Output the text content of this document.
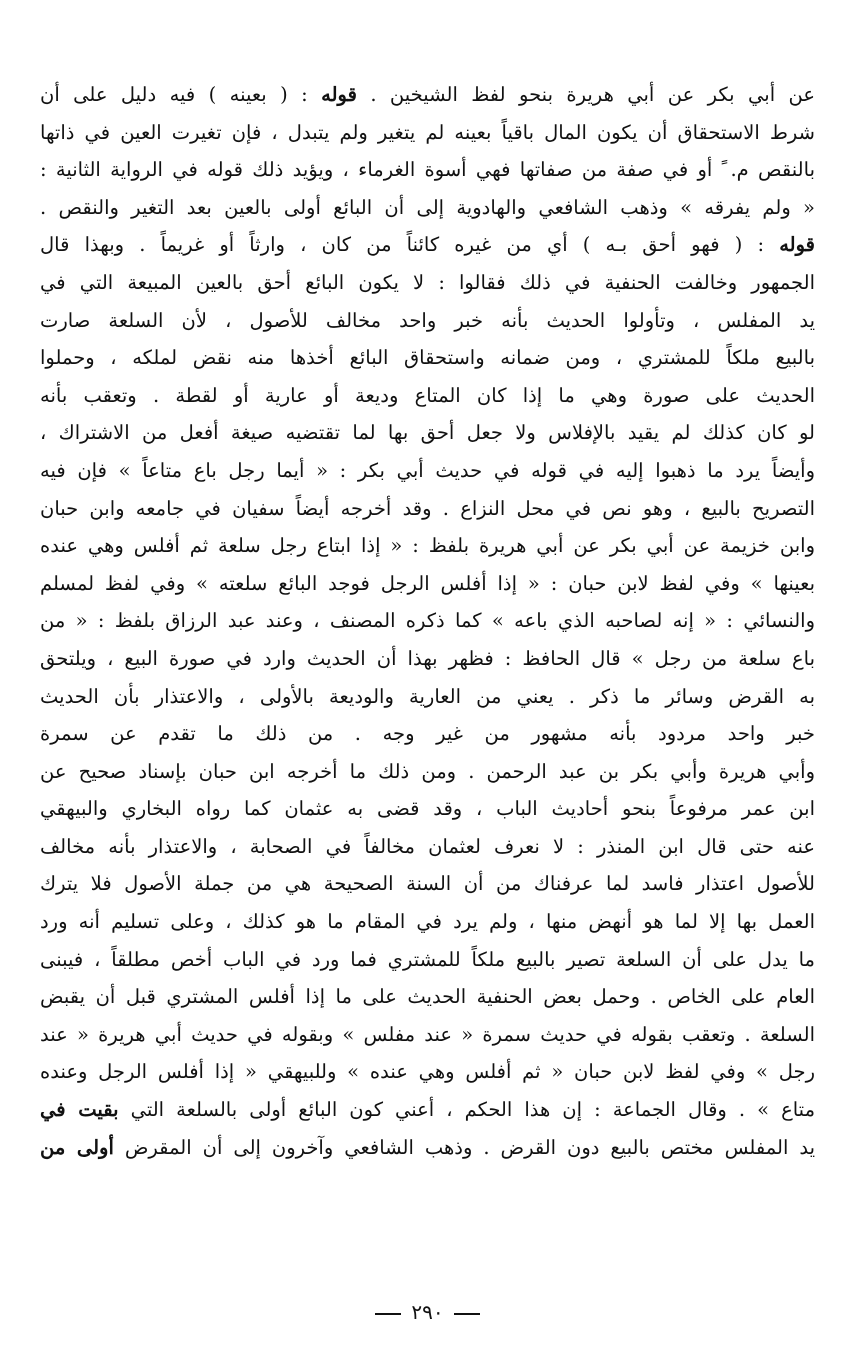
عن أبي بكر عن أبي هريرة بنحو لفظ الشيخين . قوله : ( بعينه ) فيه دليل على أن
شرط الاستحقاق أن يكون المال باقياً بعينه لم يتغير ولم يتبدل ، فإن تغيرت العين في ذاتها
بالنقص م. ً أو في صفة من صفاتها فهي أسوة الغرماء ، ويؤيد ذلك قوله في الرواية الثانية :
« ولم يفرقه » وذهب الشافعي والهادوية إلى أن البائع أولى بالعين بعد التغير والنقص .
قوله : ( فهو أحق بـه ) أي من غيره كائناً من كان ، وارثاً أو غريماً . وبهذا قال
الجمهور وخالفت الحنفية في ذلك فقالوا : لا يكون البائع أحق بالعين المبيعة التي في
يد المفلس ، وتأولوا الحديث بأنه خبر واحد مخالف للأصول ، لأن السلعة صارت
بالبيع ملكاً للمشتري ، ومن ضمانه واستحقاق البائع أخذها منه نقض لملكه ، وحملوا
الحديث على صورة وهي ما إذا كان المتاع وديعة أو عارية أو لقطة . وتعقب بأنه
لو كان كذلك لم يقيد بالإفلاس ولا جعل أحق بها لما تقتضيه صيغة أفعل من الاشتراك ،
وأيضاً يرد ما ذهبوا إليه في قوله في حديث أبي بكر : « أيما رجل باع متاعاً » فإن فيه
التصريح بالبيع ، وهو نص في محل النزاع . وقد أخرجه أيضاً سفيان في جامعه وابن حبان
وابن خزيمة عن أبي بكر عن أبي هريرة بلفظ : « إذا ابتاع رجل سلعة ثم أفلس وهي عنده
بعينها » وفي لفظ لابن حبان : « إذا أفلس الرجل فوجد البائع سلعته » وفي لفظ لمسلم
والنسائي : « إنه لصاحبه الذي باعه » كما ذكره المصنف ، وعند عبد الرزاق بلفظ : « من
باع سلعة من رجل » قال الحافظ : فظهر بهذا أن الحديث وارد في صورة البيع ، ويلتحق
به القرض وسائر ما ذكر . يعني من العارية والوديعة بالأولى ، والاعتذار بأن الحديث
خبر واحد مردود بأنه مشهور من غير وجه . من ذلك ما تقدم عن سمرة
وأبي هريرة وأبي بكر بن عبد الرحمن . ومن ذلك ما أخرجه ابن حبان بإسناد صحيح عن
ابن عمر مرفوعاً بنحو أحاديث الباب ، وقد قضى به عثمان كما رواه البخاري والبيهقي
عنه حتى قال ابن المنذر : لا نعرف لعثمان مخالفاً في الصحابة ، والاعتذار بأنه مخالف
للأصول اعتذار فاسد لما عرفناك من أن السنة الصحيحة هي من جملة الأصول فلا يترك
العمل بها إلا لما هو أنهض منها ، ولم يرد في المقام ما هو كذلك ، وعلى تسليم أنه ورد
ما يدل على أن السلعة تصير بالبيع ملكاً للمشتري فما ورد في الباب أخص مطلقاً ، فيبنى
العام على الخاص . وحمل بعض الحنفية الحديث على ما إذا أفلس المشتري قبل أن يقبض
السلعة . وتعقب بقوله في حديث سمرة « عند مفلس » وبقوله في حديث أبي هريرة « عند
رجل » وفي لفظ لابن حبان « ثم أفلس وهي عنده » وللبيهقي « إذا أفلس الرجل وعنده
متاع » . وقال الجماعة : إن هذا الحكم ، أعني كون البائع أولى بالسلعة التي بقيت في
يد المفلس مختص بالبيع دون القرض . وذهب الشافعي وآخرون إلى أن المقرض أولى من
٢٩٠
